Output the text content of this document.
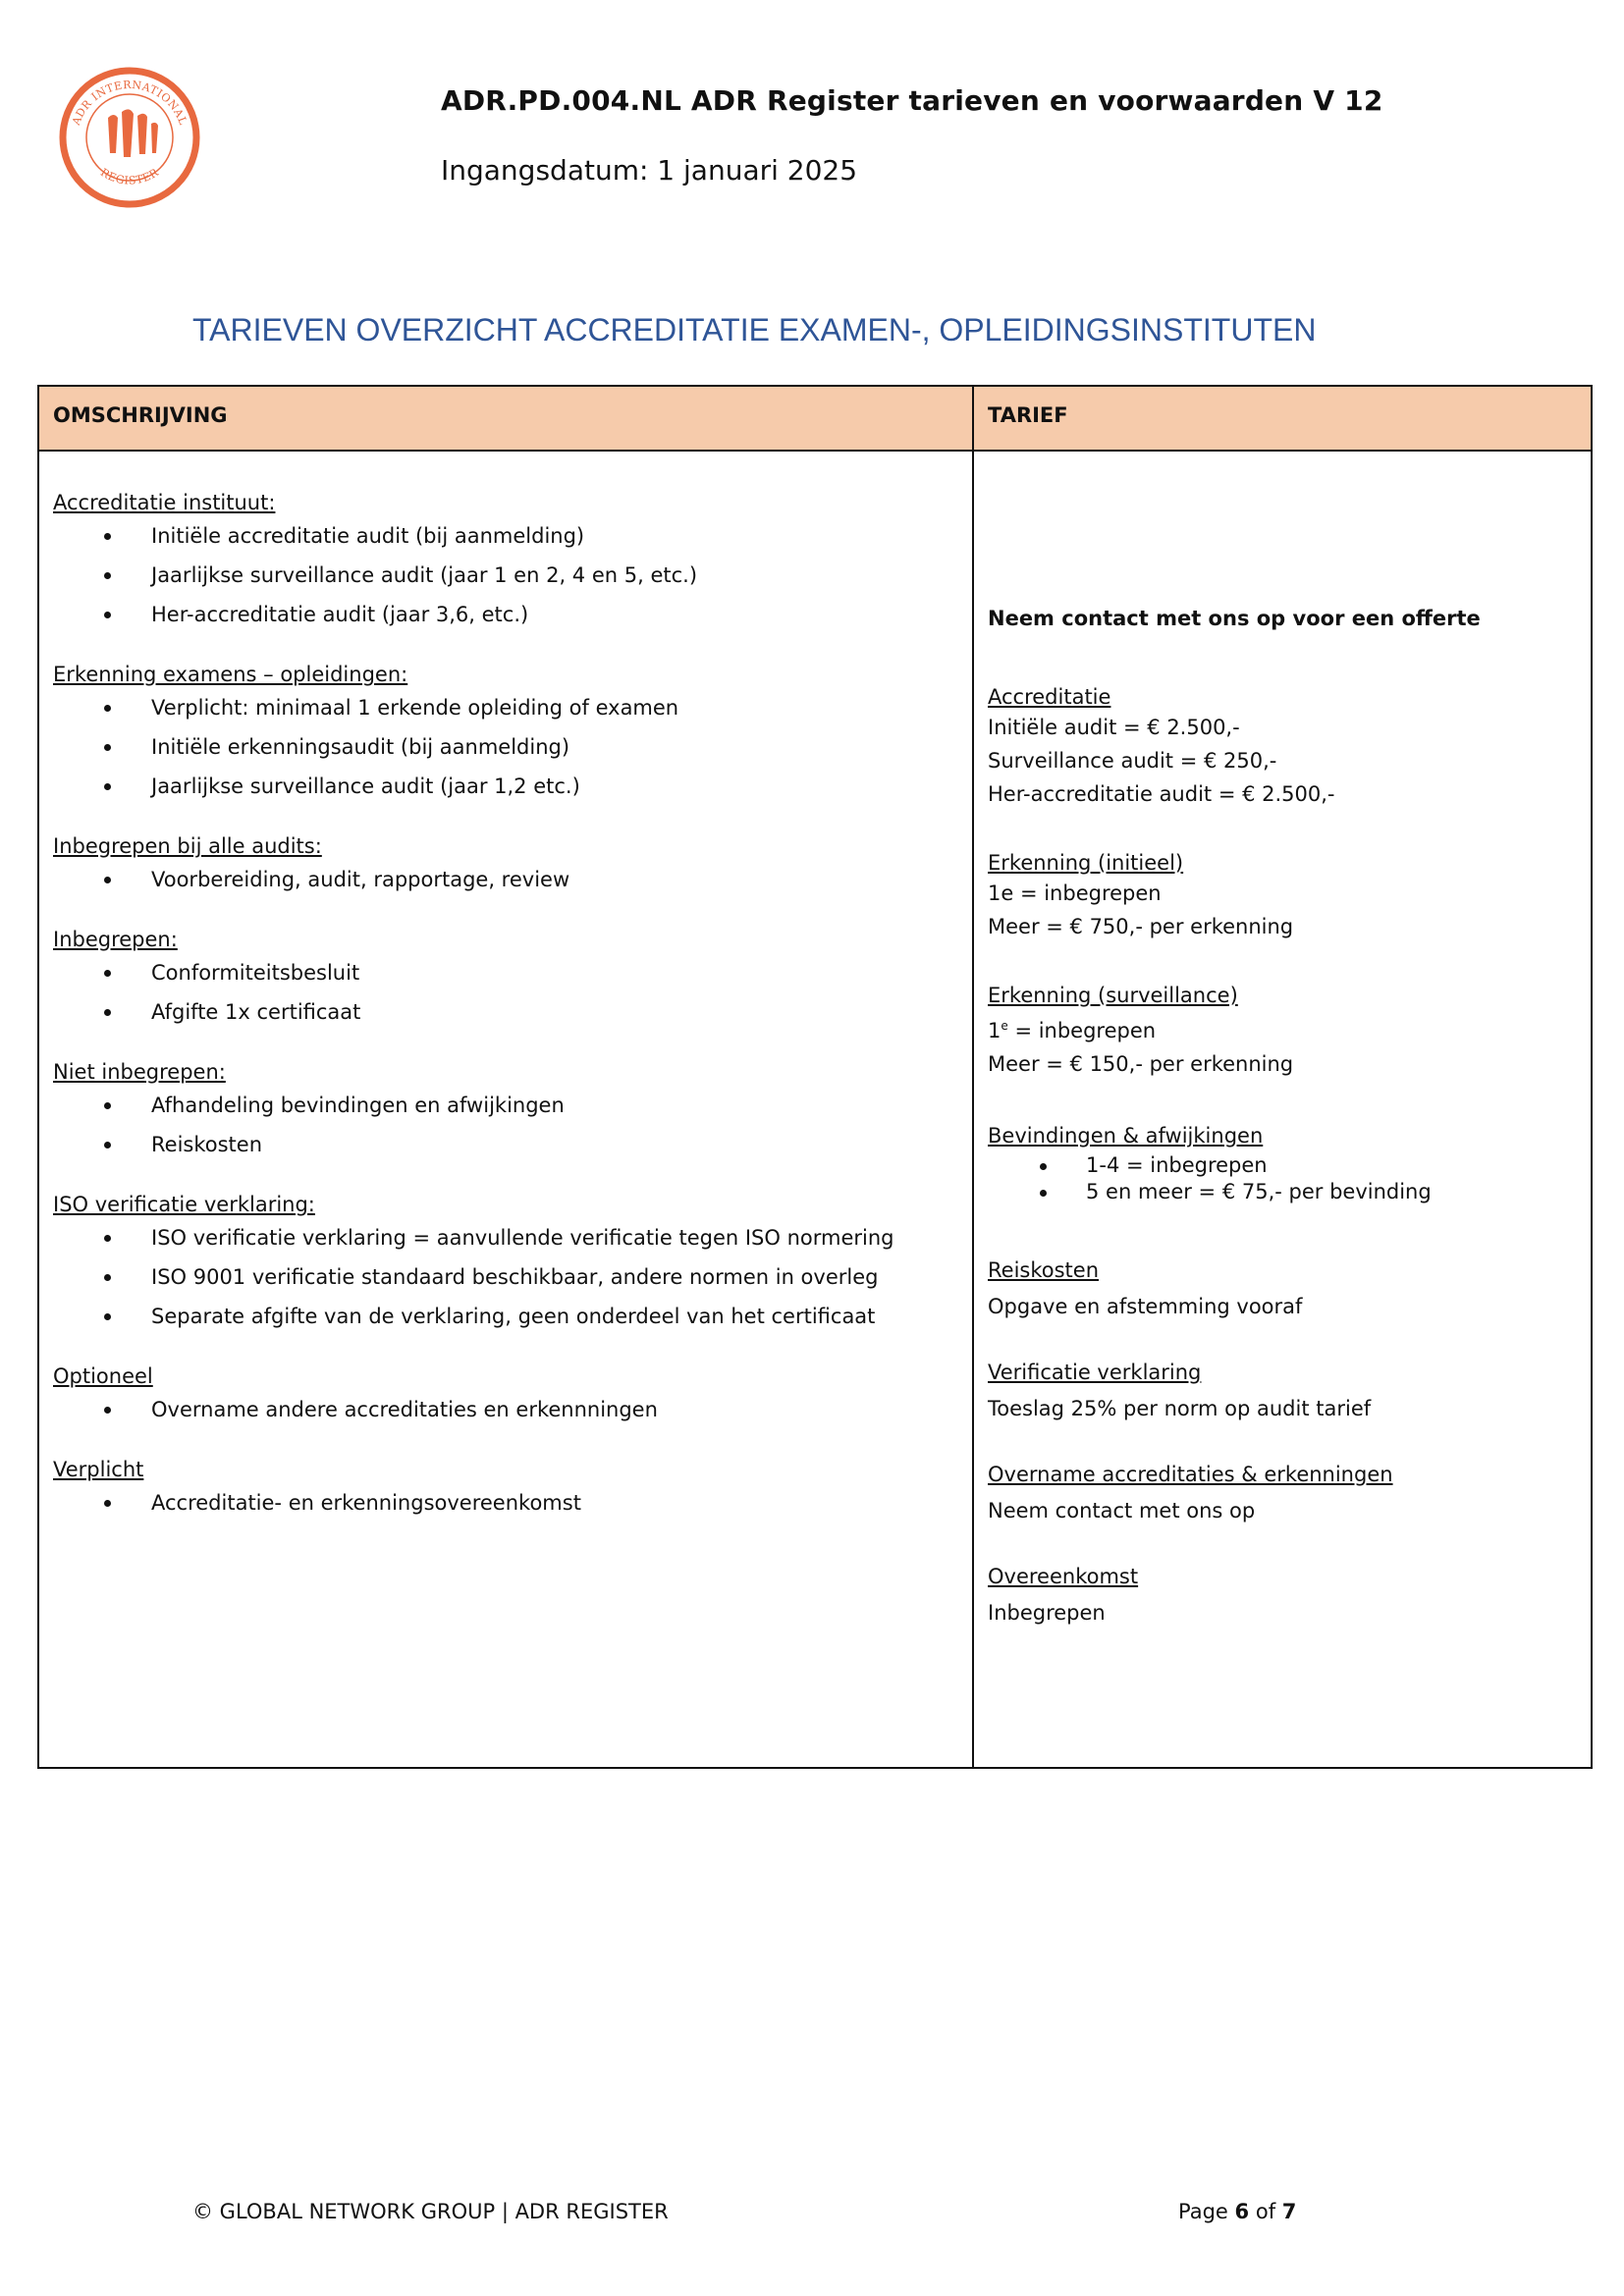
ADR INTERNATIONAL
REGISTER

ADR.PD.004.NL ADR Register tarieven en voorwaarden V 12

Ingangsdatum: 1 januari 2025

TARIEVEN OVERZICHT ACCREDITATIE EXAMEN-, OPLEIDINGSINSTITUTEN
OMSCHRIJVING	TARIEF
Accreditatie instituut:
Initiële accreditatie audit (bij aanmelding)
Jaarlijkse surveillance audit (jaar 1 en 2, 4 en 5, etc.)
Her-accreditatie audit (jaar 3,6, etc.)
Erkenning examens – opleidingen:
Verplicht: minimaal 1 erkende opleiding of examen
Initiële erkenningsaudit (bij aanmelding)
Jaarlijkse surveillance audit (jaar 1,2 etc.)
Inbegrepen bij alle audits:
Voorbereiding, audit, rapportage, review
Inbegrepen:
Conformiteitsbesluit
Afgifte 1x certificaat
Niet inbegrepen:
Afhandeling bevindingen en afwijkingen
Reiskosten
ISO verificatie verklaring:
ISO verificatie verklaring = aanvullende verificatie tegen ISO normering
ISO 9001 verificatie standaard beschikbaar, andere normen in overleg
Separate afgifte van de verklaring, geen onderdeel van het certificaat
Optioneel
Overname andere accreditaties en erkennningen
Verplicht
Accreditatie- en erkenningsovereenkomst
Neem contact met ons op voor een offerte
Accreditatie
Initiële audit = € 2.500,-
Surveillance audit = € 250,-
Her-accreditatie audit = € 2.500,-
Erkenning (initieel)
1e = inbegrepen
Meer = € 750,- per erkenning
Erkenning (surveillance)
$1^e$ = inbegrepen
Meer = € 150,- per erkenning
Bevindingen & afwijkingen
1-4 = inbegrepen
5 en meer = € 75,- per bevinding
Reiskosten
Opgave en afstemming vooraf
Verificatie verklaring
Toeslag 25% per norm op audit tarief
Overname accreditaties & erkenningen
Neem contact met ons op
Overeenkomst
Inbegrepen

© GLOBAL NETWORK GROUP | ADR REGISTER	Page 6 of 7
